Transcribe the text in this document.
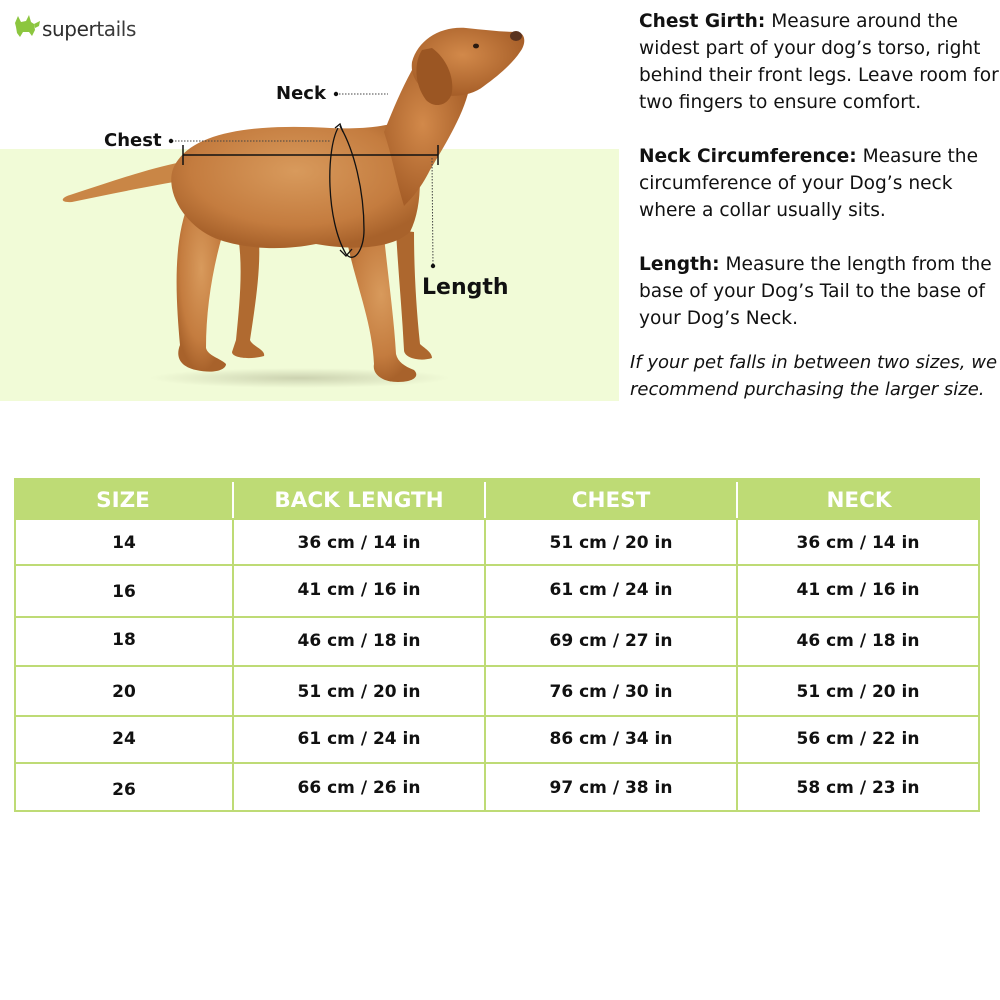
supertails
Neck
Chest
Length

Chest Girth: Measure around the widest part of your dog’s torso, right behind their front legs. Leave room for two fingers to ensure comfort.

Neck Circumference: Measure the circumference of your Dog’s neck where a collar usually sits.

Length: Measure the length from the base of your Dog’s Tail to the base of your Dog’s Neck.

If your pet falls in between two sizes, we recommend purchasing the larger size.
SIZE	BACK LENGTH	CHEST	NECK
14	36 cm / 14 in	51 cm / 20 in	36 cm / 14 in
16	41 cm / 16 in	61 cm / 24 in	41 cm / 16 in
18	46 cm / 18 in	69 cm / 27 in	46 cm / 18 in
20	51 cm / 20 in	76 cm / 30 in	51 cm / 20 in
24	61 cm / 24 in	86 cm / 34 in	56 cm / 22 in
26	66 cm / 26 in	97 cm / 38 in	58 cm / 23 in
